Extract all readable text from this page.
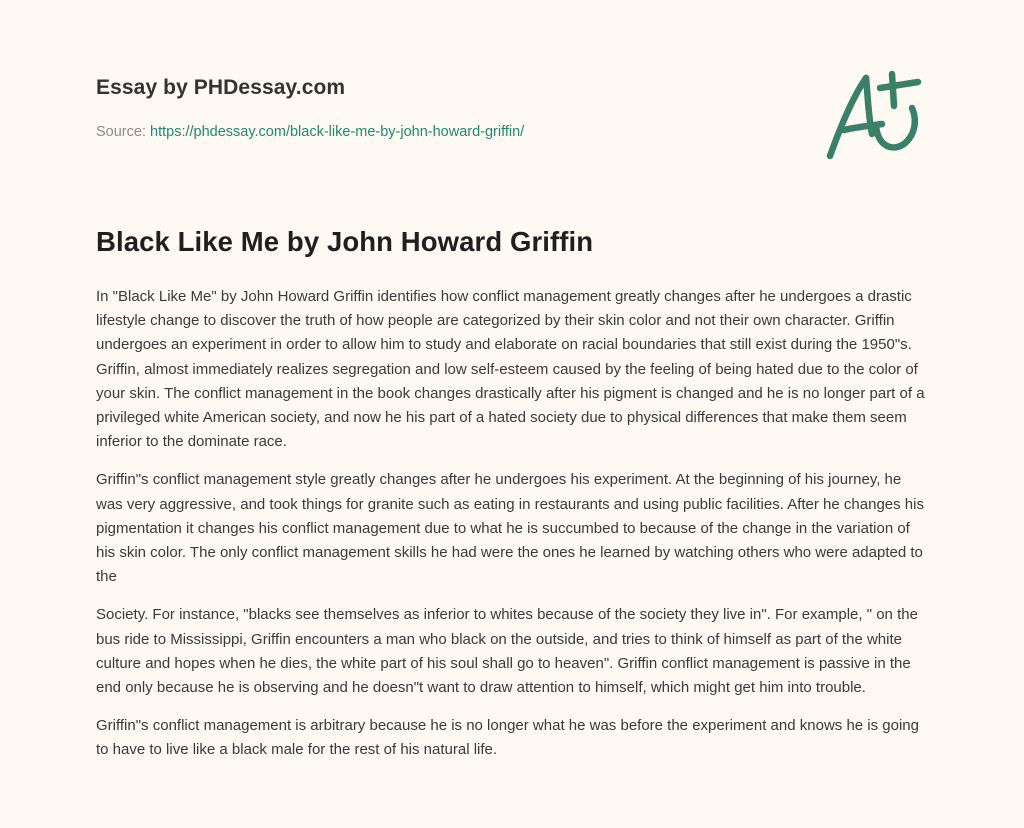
Essay by PHDessay.com

Source: https://phdessay.com/black-like-me-by-john-howard-griffin/

Black Like Me by John Howard Griffin

In "Black Like Me" by John Howard Griffin identifies how conflict management greatly changes after he undergoes a drastic lifestyle change to discover the truth of how people are categorized by their skin color and not their own character. Griffin undergoes an experiment in order to allow him to study and elaborate on racial boundaries that still exist during the 1950"s. Griffin, almost immediately realizes segregation and low self-esteem caused by the feeling of being hated due to the color of your skin. The conflict management in the book changes drastically after his pigment is changed and he is no longer part of a privileged white American society, and now he his part of a hated society due to physical differences that make them seem inferior to the dominate race.

Griffin"s conflict management style greatly changes after he undergoes his experiment. At the beginning of his journey, he was very aggressive, and took things for granite such as eating in restaurants and using public facilities. After he changes his pigmentation it changes his conflict management due to what he is succumbed to because of the change in the variation of his skin color. The only conflict management skills he had were the ones he learned by watching others who were adapted to the

Society. For instance, "blacks see themselves as inferior to whites because of the society they live in". For example, " on the bus ride to Mississippi, Griffin encounters a man who black on the outside, and tries to think of himself as part of the white culture and hopes when he dies, the white part of his soul shall go to heaven". Griffin conflict management is passive in the end only because he is observing and he doesn"t want to draw attention to himself, which might get him into trouble.

Griffin"s conflict management is arbitrary because he is no longer what he was before the experiment and knows he is going to have to live like a black male for the rest of his natural life.
